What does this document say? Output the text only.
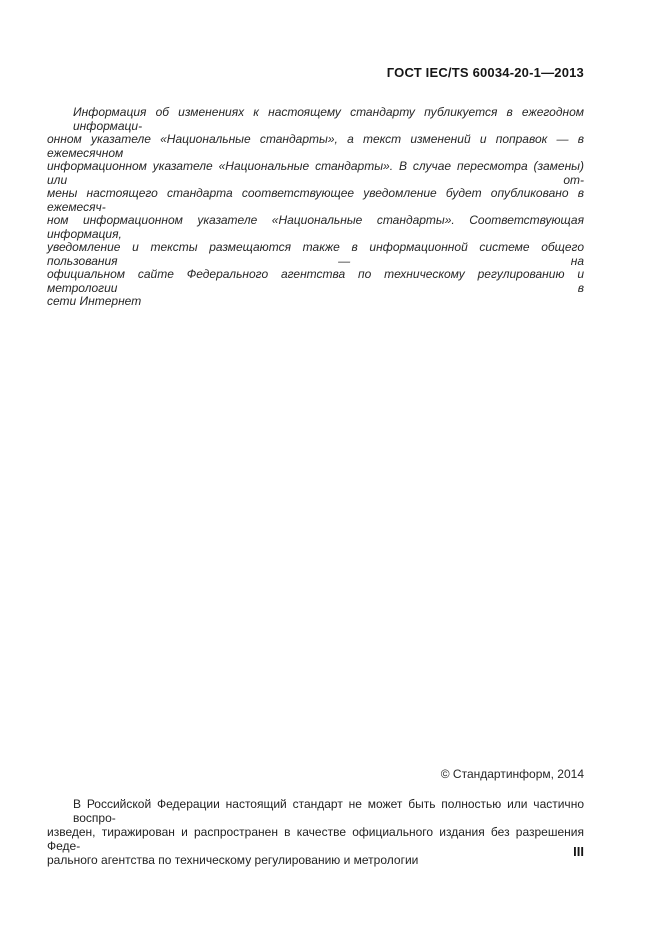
ГОСТ IEC/TS 60034-20-1—2013
Информация об изменениях к настоящему стандарту публикуется в ежегодном информаци-
онном указателе «Национальные стандарты», а текст изменений и поправок — в ежемесячном
информационном указателе «Национальные стандарты». В случае пересмотра (замены) или от-
мены настоящего стандарта соответствующее уведомление будет опубликовано в ежемесяч-
ном информационном указателе «Национальные стандарты». Соответствующая информация,
уведомление и тексты размещаются также в информационной системе общего пользования — на
официальном сайте Федерального агентства по техническому регулированию и метрологии в
сети Интернет
© Стандартинформ, 2014
В Российской Федерации настоящий стандарт не может быть полностью или частично воспро-
изведен, тиражирован и распространен в качестве официального издания без разрешения Феде-
рального агентства по техническому регулированию и метрологии
III
